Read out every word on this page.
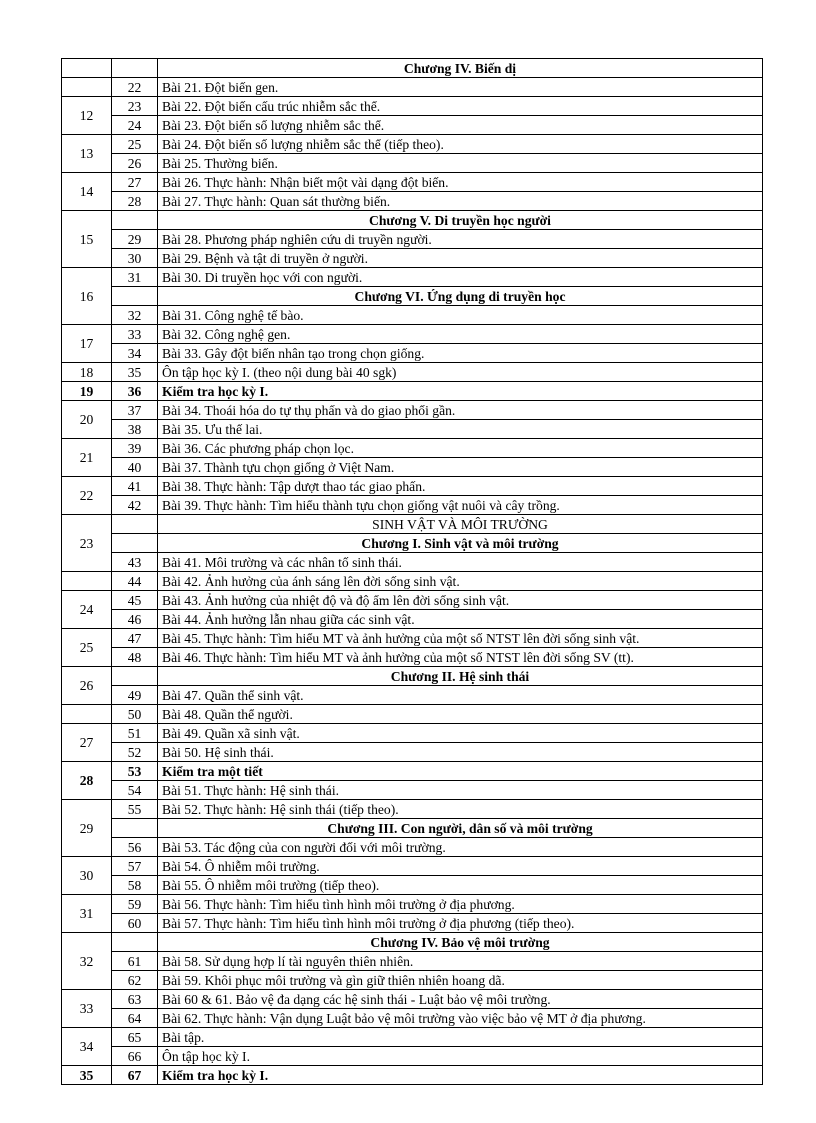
		Chương IV. Biến dị
	22	Bài 21. Đột biến gen.
12	23	Bài 22. Đột biến cấu trúc nhiễm sắc thể.
	24	Bài 23. Đột biến số lượng nhiễm sắc thể.
13	25	Bài 24. Đột biến số lượng nhiễm sắc thể (tiếp theo).
	26	Bài 25. Thường biến.
14	27	Bài 26. Thực hành: Nhận biết một vài dạng đột biến.
	28	Bài 27. Thực hành: Quan sát thường biến.
15		Chương V. Di truyền học người
	29	Bài 28. Phương pháp nghiên cứu di truyền người.
	30	Bài 29. Bệnh và tật di truyền ở người.
16	31	Bài 30. Di truyền học với con người.
		Chương VI. Ứng dụng di truyền học
	32	Bài 31. Công nghệ tế bào.
17	33	Bài 32. Công nghệ gen.
	34	Bài 33. Gây đột biến nhân tạo trong chọn giống.
18	35	Ôn tập học kỳ I. (theo nội dung bài 40 sgk)
19	36	Kiểm tra học kỳ I.
20	37	Bài 34. Thoái hóa do tự thụ phấn và do giao phối gần.
	38	Bài 35. Ưu thế lai.
21	39	Bài 36. Các phương pháp chọn lọc.
	40	Bài 37. Thành tựu chọn giống ở Việt Nam.
22	41	Bài 38. Thực hành: Tập dượt thao tác giao phấn.
	42	Bài 39. Thực hành: Tìm hiểu thành tựu chọn giống vật nuôi và cây trồng.
23		SINH VẬT VÀ MÔI TRƯỜNG
		Chương I. Sinh vật và môi trường
	43	Bài 41. Môi trường và các nhân tố sinh thái.
	44	Bài 42. Ảnh hưởng của ánh sáng lên đời sống sinh vật.
24	45	Bài 43. Ảnh hưởng của nhiệt độ và độ ẩm lên đời sống sinh vật.
	46	Bài 44. Ảnh hưởng lẫn nhau giữa các sinh vật.
25	47	Bài 45. Thực hành: Tìm hiểu MT và ảnh hưởng của một số NTST lên đời sống sinh vật.
	48	Bài 46. Thực hành: Tìm hiểu MT và ảnh hưởng của một số NTST lên đời sống SV (tt).
26		Chương II. Hệ sinh thái
	49	Bài 47. Quần thể sinh vật.
	50	Bài 48. Quần thể người.
27	51	Bài 49. Quần xã sinh vật.
	52	Bài 50. Hệ sinh thái.
28	53	Kiểm tra một tiết
	54	Bài 51. Thực hành: Hệ sinh thái.
29	55	Bài 52. Thực hành: Hệ sinh thái (tiếp theo).
		Chương III. Con người, dân số và môi trường
	56	Bài 53. Tác động của con người đối với môi trường.
30	57	Bài 54. Ô nhiễm môi trường.
	58	Bài 55. Ô nhiễm môi trường (tiếp theo).
31	59	Bài 56. Thực hành: Tìm hiểu tình hình môi trường ở địa phương.
	60	Bài 57. Thực hành: Tìm hiểu tình hình môi trường ở địa phương (tiếp theo).
32		Chương IV. Bảo vệ môi trường
	61	Bài 58. Sử dụng hợp lí tài nguyên thiên nhiên.
	62	Bài 59. Khôi phục môi trường và gìn giữ thiên nhiên hoang dã.
33	63	Bài 60 & 61. Bảo vệ đa dạng các hệ sinh thái - Luật bảo vệ môi trường.
	64	Bài 62. Thực hành: Vận dụng Luật bảo vệ môi trường vào việc bảo vệ MT ở địa phương.
34	65	Bài tập.
	66	Ôn tập học kỳ I.
35	67	Kiểm tra học kỳ I.
